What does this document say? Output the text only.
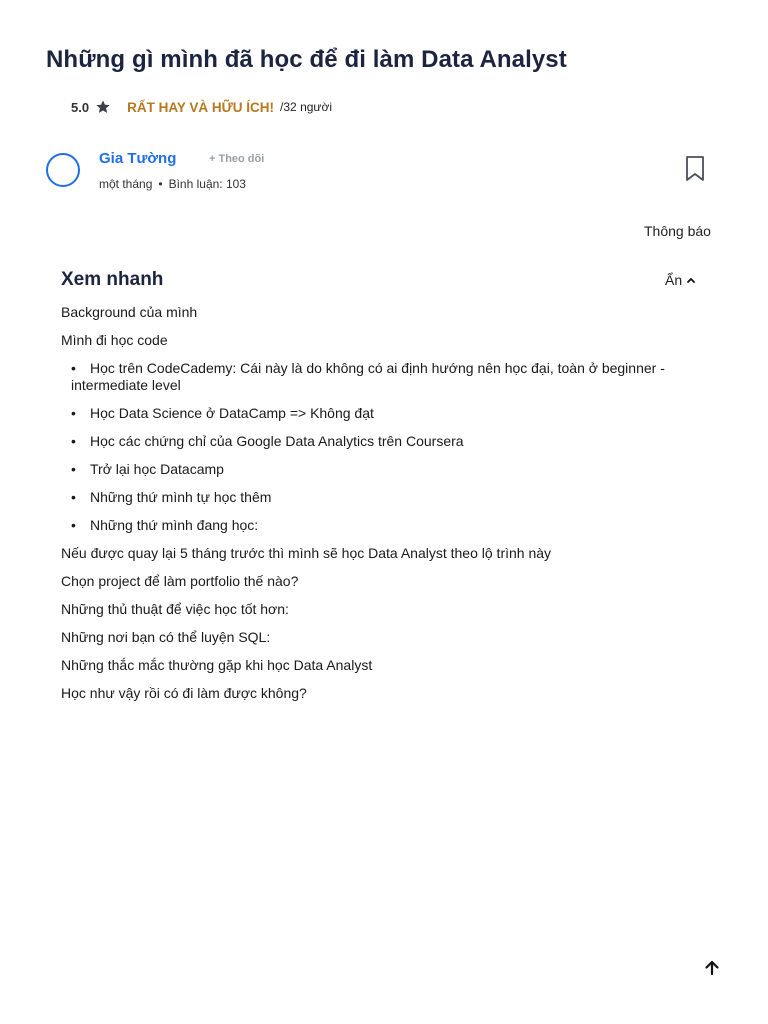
Những gì mình đã học để đi làm Data Analyst
5.0	RẤT HAY VÀ HỮU ÍCH! /32 người
Gia Tường	+ Theo dõi
một tháng • Bình luận: 103
Thông báo
Xem nhanh	Ẩn
Background của mình
Mình đi học code
• Học trên CodeCademy: Cái này là do không có ai định hướng nên học đại, toàn ở beginner - intermediate level
• Học Data Science ở DataCamp => Không đạt
• Học các chứng chỉ của Google Data Analytics trên Coursera
• Trở lại học Datacamp
• Những thứ mình tự học thêm
• Những thứ mình đang học:
Nếu được quay lại 5 tháng trước thì mình sẽ học Data Analyst theo lộ trình này
Chọn project để làm portfolio thế nào?
Những thủ thuật để việc học tốt hơn:
Những nơi bạn có thể luyện SQL:
Những thắc mắc thường gặp khi học Data Analyst
Học như vậy rồi có đi làm được không?
